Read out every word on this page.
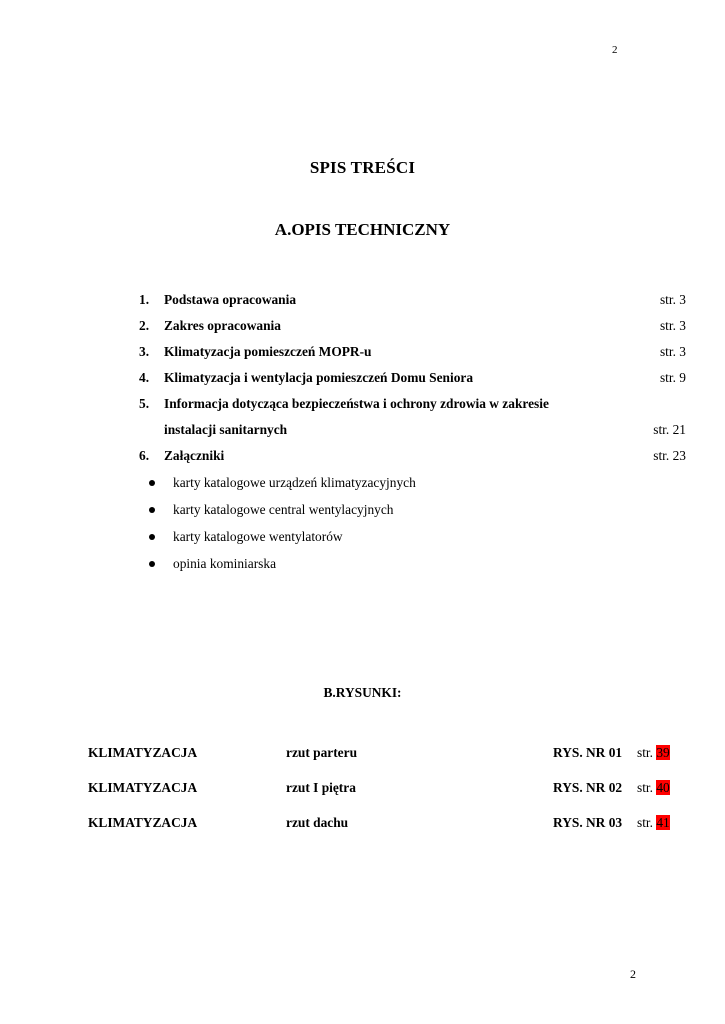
2
SPIS TREŚCI
A.OPIS TECHNICZNY
1. Podstawa opracowania	str. 3
2. Zakres opracowania	str. 3
3. Klimatyzacja pomieszczeń MOPR-u	str. 3
4. Klimatyzacja i wentylacja pomieszczeń Domu Seniora	str. 9
5. Informacja dotycząca bezpieczeństwa i ochrony zdrowia w zakresie
instalacji sanitarnych	str. 21
6. Załączniki	str. 23
karty katalogowe urządzeń klimatyzacyjnych
karty katalogowe central wentylacyjnych
karty katalogowe wentylatorów
opinia kominiarska
B.RYSUNKI:
KLIMATYZACJA	rzut parteru	RYS. NR 01 str. 39
KLIMATYZACJA	rzut I piętra	RYS. NR 02 str. 40
KLIMATYZACJA	rzut dachu	RYS. NR 03 str. 41
2
